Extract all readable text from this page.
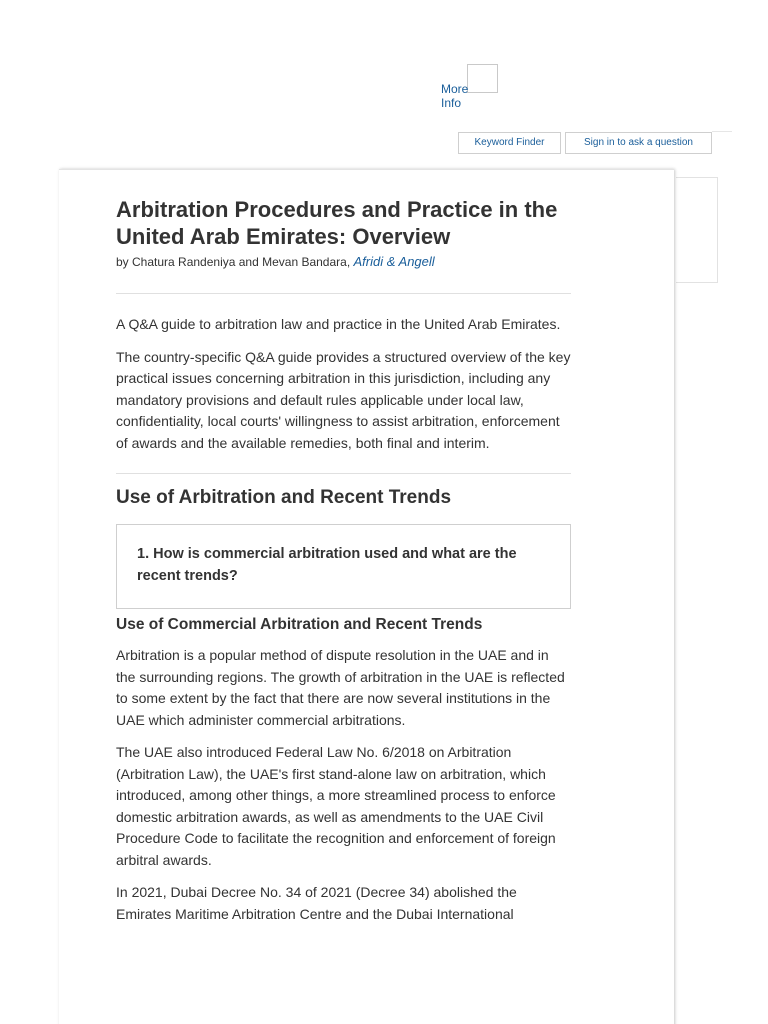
More Info
Keyword Finder	Sign in to ask a question
Arbitration Procedures and Practice in the United Arab Emirates: Overview

by Chatura Randeniya and Mevan Bandara, Afridi & Angell

A Q&A guide to arbitration law and practice in the United Arab Emirates.

The country-specific Q&A guide provides a structured overview of the key practical issues concerning arbitration in this jurisdiction, including any mandatory provisions and default rules applicable under local law, confidentiality, local courts' willingness to assist arbitration, enforcement of awards and the available remedies, both final and interim.

Use of Arbitration and Recent Trends

1. How is commercial arbitration used and what are the recent trends?

Use of Commercial Arbitration and Recent Trends

Arbitration is a popular method of dispute resolution in the UAE and in the surrounding regions. The growth of arbitration in the UAE is reflected to some extent by the fact that there are now several institutions in the UAE which administer commercial arbitrations.

The UAE also introduced Federal Law No. 6/2018 on Arbitration (Arbitration Law), the UAE's first stand-alone law on arbitration, which introduced, among other things, a more streamlined process to enforce domestic arbitration awards, as well as amendments to the UAE Civil Procedure Code to facilitate the recognition and enforcement of foreign arbitral awards.

In 2021, Dubai Decree No. 34 of 2021 (Decree 34) abolished the Emirates Maritime Arbitration Centre and the Dubai International
